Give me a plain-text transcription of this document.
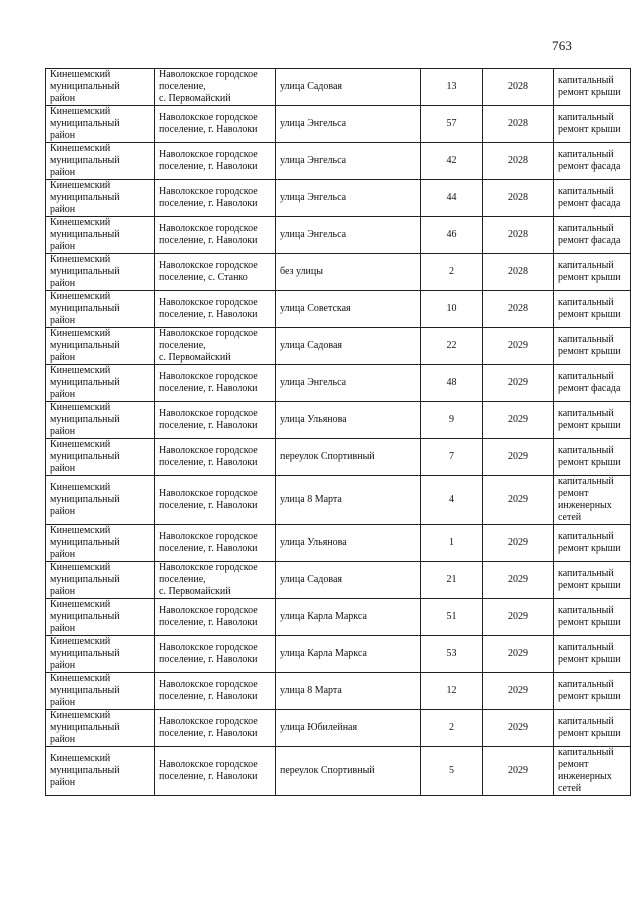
763
Кинешемский
муниципальный
район	Наволокское городское
поселение,
с. Первомайский	улица Садовая	13	2028	капитальный
ремонт крыши
Кинешемский
муниципальный
район	Наволокское городское
поселение, г. Наволоки	улица Энгельса	57	2028	капитальный
ремонт крыши
Кинешемский
муниципальный
район	Наволокское городское
поселение, г. Наволоки	улица Энгельса	42	2028	капитальный
ремонт фасада
Кинешемский
муниципальный
район	Наволокское городское
поселение, г. Наволоки	улица Энгельса	44	2028	капитальный
ремонт фасада
Кинешемский
муниципальный
район	Наволокское городское
поселение, г. Наволоки	улица Энгельса	46	2028	капитальный
ремонт фасада
Кинешемский
муниципальный
район	Наволокское городское
поселение, с. Станко	без улицы	2	2028	капитальный
ремонт крыши
Кинешемский
муниципальный
район	Наволокское городское
поселение, г. Наволоки	улица Советская	10	2028	капитальный
ремонт крыши
Кинешемский
муниципальный
район	Наволокское городское
поселение,
с. Первомайский	улица Садовая	22	2029	капитальный
ремонт крыши
Кинешемский
муниципальный
район	Наволокское городское
поселение, г. Наволоки	улица Энгельса	48	2029	капитальный
ремонт фасада
Кинешемский
муниципальный
район	Наволокское городское
поселение, г. Наволоки	улица Ульянова	9	2029	капитальный
ремонт крыши
Кинешемский
муниципальный
район	Наволокское городское
поселение, г. Наволоки	переулок Спортивный	7	2029	капитальный
ремонт крыши
Кинешемский
муниципальный
район	Наволокское городское
поселение, г. Наволоки	улица 8 Марта	4	2029	капитальный
ремонт
инженерных
сетей
Кинешемский
муниципальный
район	Наволокское городское
поселение, г. Наволоки	улица Ульянова	1	2029	капитальный
ремонт крыши
Кинешемский
муниципальный
район	Наволокское городское
поселение,
с. Первомайский	улица Садовая	21	2029	капитальный
ремонт крыши
Кинешемский
муниципальный
район	Наволокское городское
поселение, г. Наволоки	улица Карла Маркса	51	2029	капитальный
ремонт крыши
Кинешемский
муниципальный
район	Наволокское городское
поселение, г. Наволоки	улица Карла Маркса	53	2029	капитальный
ремонт крыши
Кинешемский
муниципальный
район	Наволокское городское
поселение, г. Наволоки	улица 8 Марта	12	2029	капитальный
ремонт крыши
Кинешемский
муниципальный
район	Наволокское городское
поселение, г. Наволоки	улица Юбилейная	2	2029	капитальный
ремонт крыши
Кинешемский
муниципальный
район	Наволокское городское
поселение, г. Наволоки	переулок Спортивный	5	2029	капитальный
ремонт
инженерных
сетей
